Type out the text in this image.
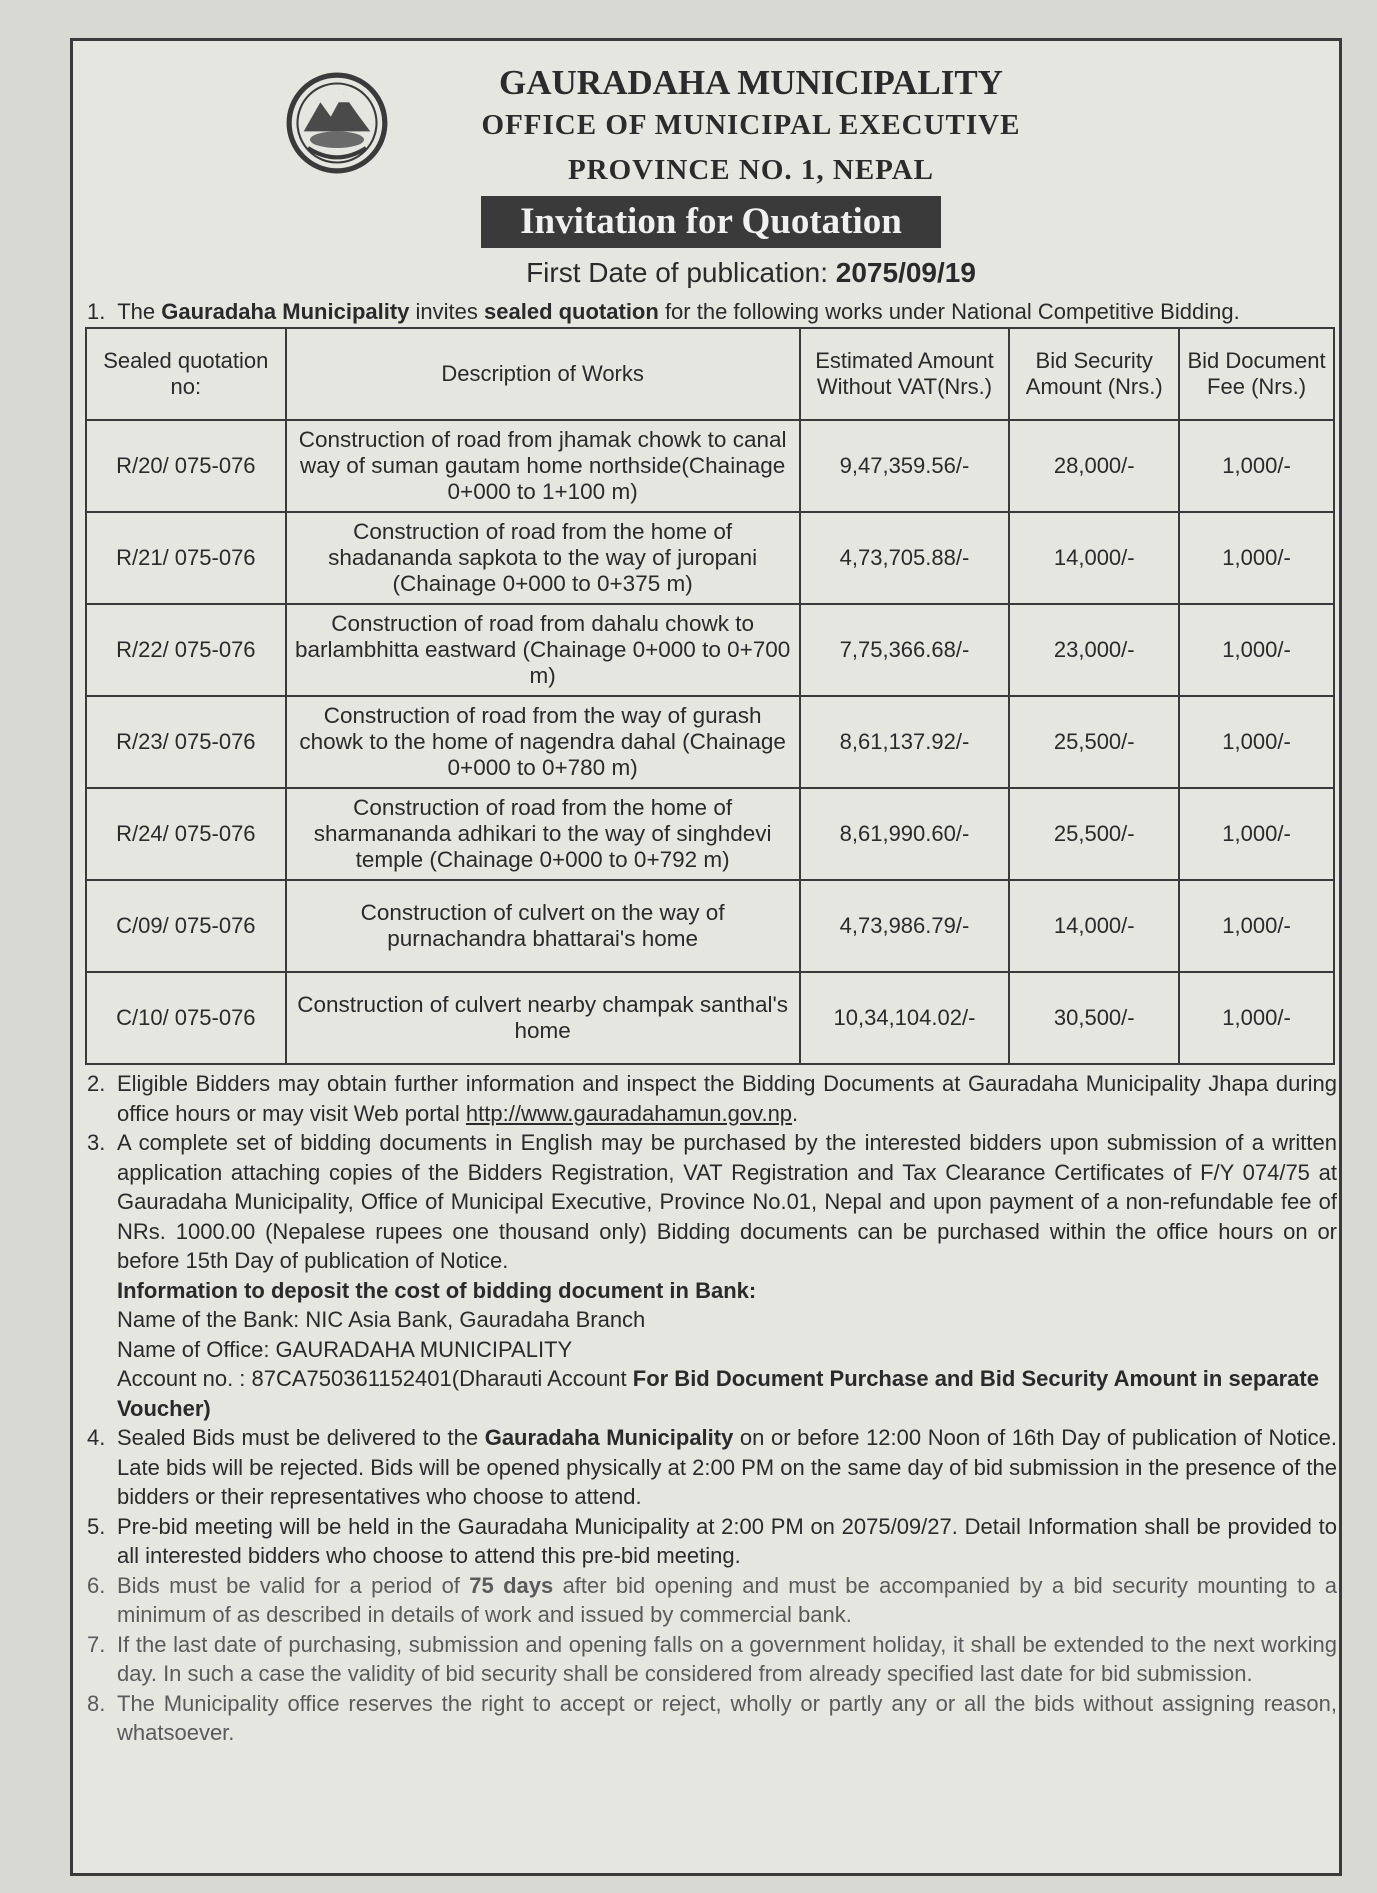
GAURADAHA MUNICIPALITY
OFFICE OF MUNICIPAL EXECUTIVE
PROVINCE NO. 1, NEPAL
Invitation for Quotation
First Date of publication: 2075/09/19
1. The Gauradaha Municipality invites sealed quotation for the following works under National Competitive Bidding.
Sealed quotation no:	Description of Works	Estimated Amount Without VAT(Nrs.)	Bid Security Amount (Nrs.)	Bid Document Fee (Nrs.)
R/20/ 075-076	Construction of road from jhamak chowk to canal way of suman gautam home northside(Chainage 0+000 to 1+100 m)	9,47,359.56/-	28,000/-	1,000/-
R/21/ 075-076	Construction of road from the home of shadananda sapkota to the way of juropani (Chainage 0+000 to 0+375 m)	4,73,705.88/-	14,000/-	1,000/-
R/22/ 075-076	Construction of road from dahalu chowk to barlambhitta eastward (Chainage 0+000 to 0+700 m)	7,75,366.68/-	23,000/-	1,000/-
R/23/ 075-076	Construction of road from the way of gurash chowk to the home of nagendra dahal (Chainage 0+000 to 0+780 m)	8,61,137.92/-	25,500/-	1,000/-
R/24/ 075-076	Construction of road from the home of sharmananda adhikari to the way of singhdevi temple (Chainage 0+000 to 0+792 m)	8,61,990.60/-	25,500/-	1,000/-
C/09/ 075-076	Construction of culvert on the way of purnachandra bhattarai's home	4,73,986.79/-	14,000/-	1,000/-
C/10/ 075-076	Construction of culvert nearby champak santhal's home	10,34,104.02/-	30,500/-	1,000/-
2. Eligible Bidders may obtain further information and inspect the Bidding Documents at Gauradaha Municipality Jhapa during office hours or may visit Web portal http://www.gauradahamun.gov.np.
3. A complete set of bidding documents in English may be purchased by the interested bidders upon submission of a written application attaching copies of the Bidders Registration, VAT Registration and Tax Clearance Certificates of F/Y 074/75 at Gauradaha Municipality, Office of Municipal Executive, Province No.01, Nepal and upon payment of a non-refundable fee of NRs. 1000.00 (Nepalese rupees one thousand only) Bidding documents can be purchased within the office hours on or before 15th Day of publication of Notice.
Information to deposit the cost of bidding document in Bank:
Name of the Bank: NIC Asia Bank, Gauradaha Branch
Name of Office: GAURADAHA MUNICIPALITY
Account no. : 87CA750361152401(Dharauti Account For Bid Document Purchase and Bid Security Amount in separate Voucher)
4. Sealed Bids must be delivered to the Gauradaha Municipality on or before 12:00 Noon of 16th Day of publication of Notice. Late bids will be rejected. Bids will be opened physically at 2:00 PM on the same day of bid submission in the presence of the bidders or their representatives who choose to attend.
5. Pre-bid meeting will be held in the Gauradaha Municipality at 2:00 PM on 2075/09/27. Detail Information shall be provided to all interested bidders who choose to attend this pre-bid meeting.
6. Bids must be valid for a period of 75 days after bid opening and must be accompanied by a bid security mounting to a minimum of as described in details of work and issued by commercial bank.
7. If the last date of purchasing, submission and opening falls on a government holiday, it shall be extended to the next working day. In such a case the validity of bid security shall be considered from already specified last date for bid submission.
8. The Municipality office reserves the right to accept or reject, wholly or partly any or all the bids without assigning reason, whatsoever.
